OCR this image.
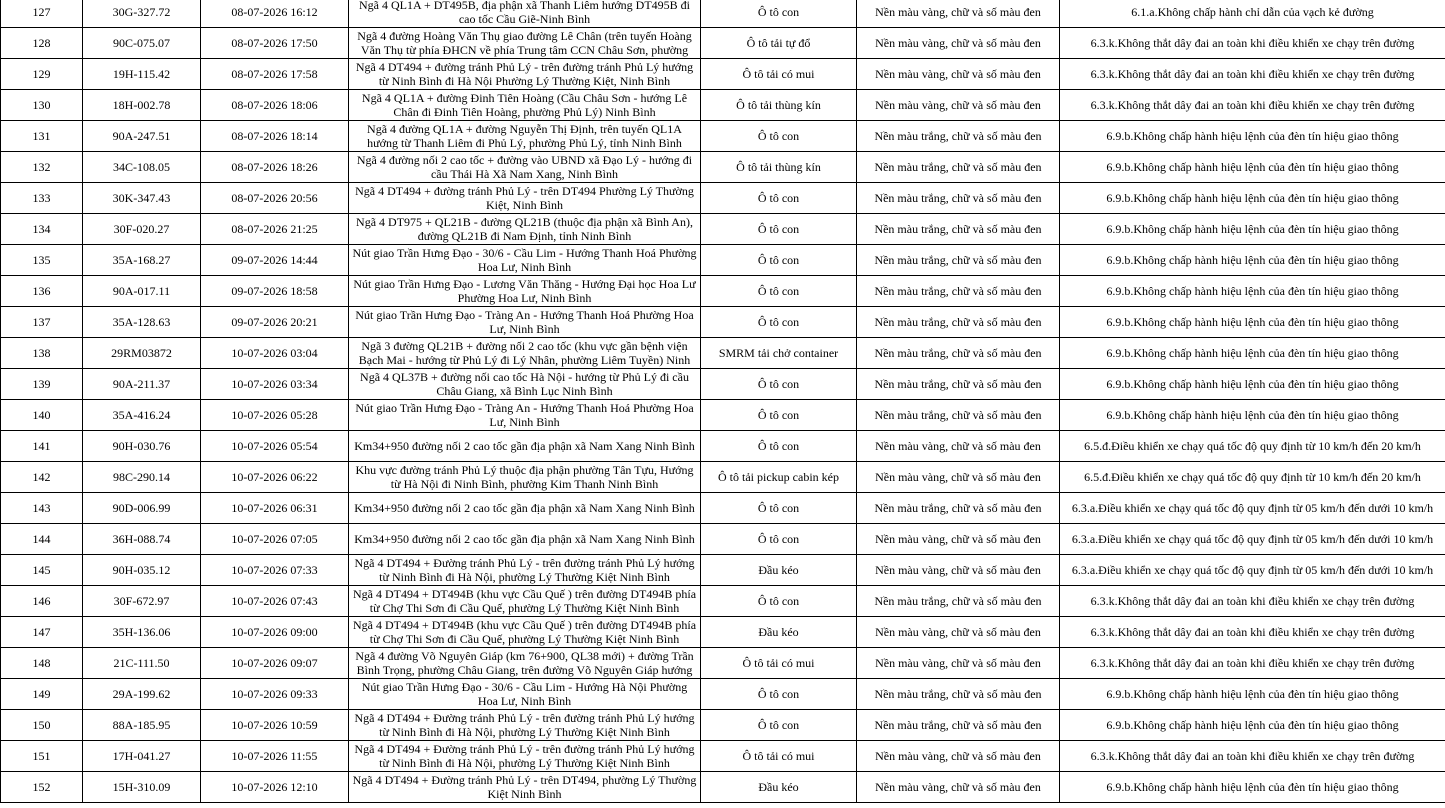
127	30G-327.72	08-07-2026 16:12	Ngã 4 QL1A + DT495B, địa phận xã Thanh Liêm hướng DT495B đi cao tốc Cầu Giẽ-Ninh Bình	Ô tô con	Nền màu vàng, chữ và số màu đen	6.1.a.Không chấp hành chỉ dẫn của vạch kẻ đường
128	90C-075.07	08-07-2026 17:50	Ngã 4 đường Hoàng Văn Thụ giao đường Lê Chân (trên tuyến Hoàng Văn Thụ từ phía ĐHCN về phía Trung tâm CCN Châu Sơn, phường	Ô tô tải tự đổ	Nền màu vàng, chữ và số màu đen	6.3.k.Không thắt dây đai an toàn khi điều khiển xe chạy trên đường
129	19H-115.42	08-07-2026 17:58	Ngã 4 DT494 + đường tránh Phủ Lý - trên đường tránh Phủ Lý hướng từ Ninh Bình đi Hà Nội Phường Lý Thường Kiệt, Ninh Bình	Ô tô tải có mui	Nền màu vàng, chữ và số màu đen	6.3.k.Không thắt dây đai an toàn khi điều khiển xe chạy trên đường
130	18H-002.78	08-07-2026 18:06	Ngã 4 QL1A + đường Đinh Tiên Hoàng (Cầu Châu Sơn - hướng Lê Chân đi Đinh Tiên Hoàng, phường Phủ Lý) Ninh Bình	Ô tô tải thùng kín	Nền màu vàng, chữ và số màu đen	6.3.k.Không thắt dây đai an toàn khi điều khiển xe chạy trên đường
131	90A-247.51	08-07-2026 18:14	Ngã 4 đường QL1A + đường Nguyễn Thị Định, trên tuyến QL1A hướng từ Thanh Liêm đi Phủ Lý, phường Phủ Lý, tỉnh Ninh Bình	Ô tô con	Nền màu trắng, chữ và số màu đen	6.9.b.Không chấp hành hiệu lệnh của đèn tín hiệu giao thông
132	34C-108.05	08-07-2026 18:26	Ngã 4 đường nối 2 cao tốc + đường vào UBND xã Đạo Lý - hướng đi cầu Thái Hà Xã Nam Xang, Ninh Bình	Ô tô tải thùng kín	Nền màu trắng, chữ và số màu đen	6.9.b.Không chấp hành hiệu lệnh của đèn tín hiệu giao thông
133	30K-347.43	08-07-2026 20:56	Ngã 4 DT494 + đường tránh Phủ Lý - trên DT494 Phường Lý Thường Kiệt, Ninh Bình	Ô tô con	Nền màu trắng, chữ và số màu đen	6.9.b.Không chấp hành hiệu lệnh của đèn tín hiệu giao thông
134	30F-020.27	08-07-2026 21:25	Ngã 4 DT975 + QL21B - đường QL21B (thuộc địa phận xã Bình An), đường QL21B đi Nam Định, tỉnh Ninh Bình	Ô tô con	Nền màu trắng, chữ và số màu đen	6.9.b.Không chấp hành hiệu lệnh của đèn tín hiệu giao thông
135	35A-168.27	09-07-2026 14:44	Nút giao Trần Hưng Đạo - 30/6 - Cầu Lim - Hướng Thanh Hoá Phường Hoa Lư, Ninh Bình	Ô tô con	Nền màu trắng, chữ và số màu đen	6.9.b.Không chấp hành hiệu lệnh của đèn tín hiệu giao thông
136	90A-017.11	09-07-2026 18:58	Nút giao Trần Hưng Đạo - Lương Văn Thăng - Hướng Đại học Hoa Lư Phường Hoa Lư, Ninh Bình	Ô tô con	Nền màu trắng, chữ và số màu đen	6.9.b.Không chấp hành hiệu lệnh của đèn tín hiệu giao thông
137	35A-128.63	09-07-2026 20:21	Nút giao Trần Hưng Đạo - Tràng An - Hướng Thanh Hoá Phường Hoa Lư, Ninh Bình	Ô tô con	Nền màu trắng, chữ và số màu đen	6.9.b.Không chấp hành hiệu lệnh của đèn tín hiệu giao thông
138	29RM03872	10-07-2026 03:04	Ngã 3 đường QL21B + đường nối 2 cao tốc (khu vực gần bệnh viện Bạch Mai - hướng từ Phủ Lý đi Lý Nhân, phường Liêm Tuyền) Ninh	SMRM tải chở container	Nền màu trắng, chữ và số màu đen	6.9.b.Không chấp hành hiệu lệnh của đèn tín hiệu giao thông
139	90A-211.37	10-07-2026 03:34	Ngã 4 QL37B + đường nối cao tốc Hà Nội - hướng từ Phủ Lý đi cầu Châu Giang, xã Bình Lục Ninh Bình	Ô tô con	Nền màu trắng, chữ và số màu đen	6.9.b.Không chấp hành hiệu lệnh của đèn tín hiệu giao thông
140	35A-416.24	10-07-2026 05:28	Nút giao Trần Hưng Đạo - Tràng An - Hướng Thanh Hoá Phường Hoa Lư, Ninh Bình	Ô tô con	Nền màu trắng, chữ và số màu đen	6.9.b.Không chấp hành hiệu lệnh của đèn tín hiệu giao thông
141	90H-030.76	10-07-2026 05:54	Km34+950 đường nối 2 cao tốc gần địa phận xã Nam Xang Ninh Bình	Ô tô con	Nền màu vàng, chữ và số màu đen	6.5.đ.Điều khiển xe chạy quá tốc độ quy định từ 10 km/h đến 20 km/h
142	98C-290.14	10-07-2026 06:22	Khu vực đường tránh Phủ Lý thuộc địa phận phường Tân Tựu, Hướng từ Hà Nội đi Ninh Bình, phường Kim Thanh Ninh Bình	Ô tô tải pickup cabin kép	Nền màu vàng, chữ và số màu đen	6.5.đ.Điều khiển xe chạy quá tốc độ quy định từ 10 km/h đến 20 km/h
143	90D-006.99	10-07-2026 06:31	Km34+950 đường nối 2 cao tốc gần địa phận xã Nam Xang Ninh Bình	Ô tô con	Nền màu trắng, chữ và số màu đen	6.3.a.Điều khiển xe chạy quá tốc độ quy định từ 05 km/h đến dưới 10 km/h
144	36H-088.74	10-07-2026 07:05	Km34+950 đường nối 2 cao tốc gần địa phận xã Nam Xang Ninh Bình	Ô tô con	Nền màu vàng, chữ và số màu đen	6.3.a.Điều khiển xe chạy quá tốc độ quy định từ 05 km/h đến dưới 10 km/h
145	90H-035.12	10-07-2026 07:33	Ngã 4 DT494 + Đường tránh Phủ Lý - trên đường tránh Phủ Lý hướng từ Ninh Bình đi Hà Nội, phường Lý Thường Kiệt Ninh Bình	Đầu kéo	Nền màu vàng, chữ và số màu đen	6.3.a.Điều khiển xe chạy quá tốc độ quy định từ 05 km/h đến dưới 10 km/h
146	30F-672.97	10-07-2026 07:43	Ngã 4 DT494 + DT494B (khu vực Cầu Quế ) trên đường DT494B phía từ Chợ Thi Sơn đi Cầu Quế, phường Lý Thường Kiệt Ninh Bình	Ô tô con	Nền màu trắng, chữ và số màu đen	6.3.k.Không thắt dây đai an toàn khi điều khiển xe chạy trên đường
147	35H-136.06	10-07-2026 09:00	Ngã 4 DT494 + DT494B (khu vực Cầu Quế ) trên đường DT494B phía từ Chợ Thi Sơn đi Cầu Quế, phường Lý Thường Kiệt Ninh Bình	Đầu kéo	Nền màu vàng, chữ và số màu đen	6.3.k.Không thắt dây đai an toàn khi điều khiển xe chạy trên đường
148	21C-111.50	10-07-2026 09:07	Ngã 4 đường Võ Nguyên Giáp (km 76+900, QL38 mới) + đường Trần Bình Trọng, phường Châu Giang, trên đường Võ Nguyên Giáp hướng	Ô tô tải có mui	Nền màu vàng, chữ và số màu đen	6.3.k.Không thắt dây đai an toàn khi điều khiển xe chạy trên đường
149	29A-199.62	10-07-2026 09:33	Nút giao Trần Hưng Đạo - 30/6 - Cầu Lim - Hướng Hà Nội Phường Hoa Lư, Ninh Bình	Ô tô con	Nền màu trắng, chữ và số màu đen	6.9.b.Không chấp hành hiệu lệnh của đèn tín hiệu giao thông
150	88A-185.95	10-07-2026 10:59	Ngã 4 DT494 + Đường tránh Phủ Lý - trên đường tránh Phủ Lý hướng từ Ninh Bình đi Hà Nội, phường Lý Thường Kiệt Ninh Bình	Ô tô con	Nền màu trắng, chữ và số màu đen	6.9.b.Không chấp hành hiệu lệnh của đèn tín hiệu giao thông
151	17H-041.27	10-07-2026 11:55	Ngã 4 DT494 + Đường tránh Phủ Lý - trên đường tránh Phủ Lý hướng từ Ninh Bình đi Hà Nội, phường Lý Thường Kiệt Ninh Bình	Ô tô tải có mui	Nền màu vàng, chữ và số màu đen	6.3.k.Không thắt dây đai an toàn khi điều khiển xe chạy trên đường
152	15H-310.09	10-07-2026 12:10	Ngã 4 DT494 + Đường tránh Phủ Lý - trên DT494, phường Lý Thường Kiệt Ninh Bình	Đầu kéo	Nền màu vàng, chữ và số màu đen	6.9.b.Không chấp hành hiệu lệnh của đèn tín hiệu giao thông
